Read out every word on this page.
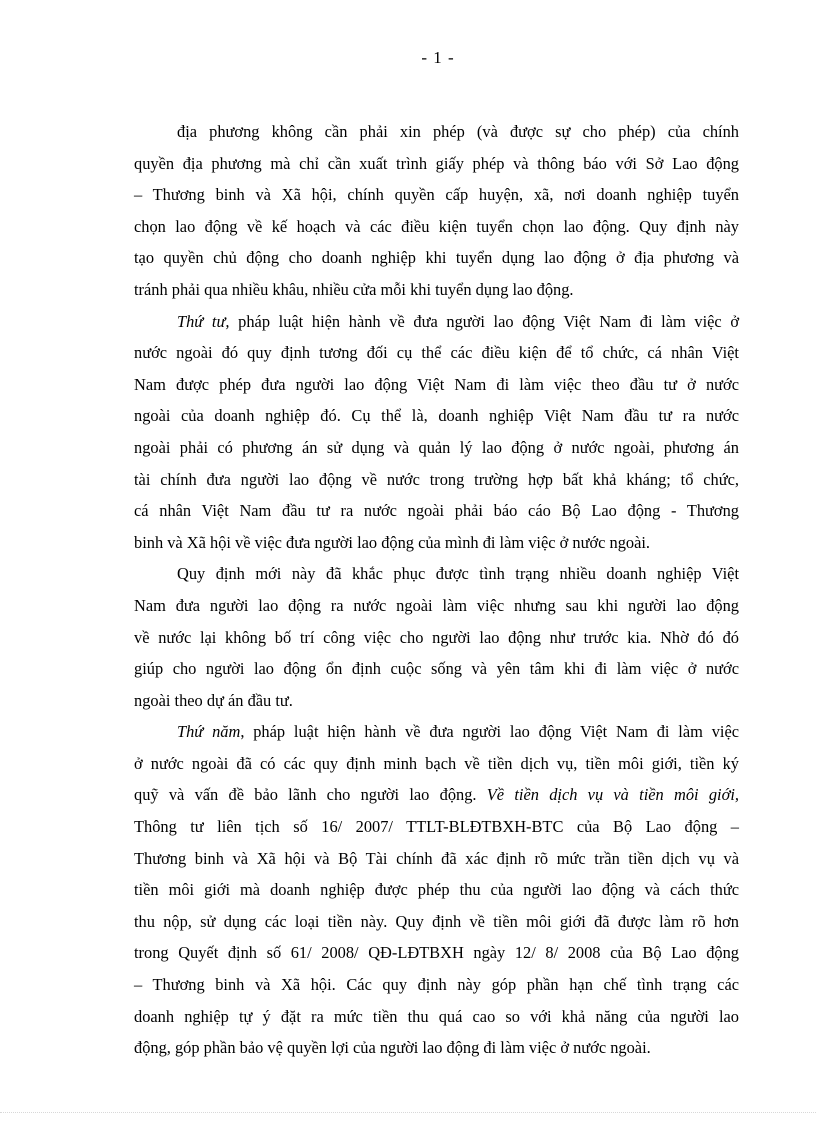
- 1 -
địa phương không cần phải xin phép (và được sự cho phép) của chính
quyền địa phương mà chỉ cần xuất trình giấy phép và thông báo với Sở Lao động
– Thương binh và Xã hội, chính quyền cấp huyện, xã, nơi doanh nghiệp tuyển
chọn lao động về kế hoạch và các điều kiện tuyển chọn lao động. Quy định này
tạo quyền chủ động cho doanh nghiệp khi tuyển dụng lao động ở địa phương và
tránh phải qua nhiều khâu, nhiều cửa mỗi khi tuyển dụng lao động.
Thứ tư, pháp luật hiện hành về đưa người lao động Việt Nam đi làm việc ở
nước ngoài đó quy định tương đối cụ thể các điều kiện để tổ chức, cá nhân Việt
Nam được phép đưa người lao động Việt Nam đi làm việc theo đầu tư ở nước
ngoài của doanh nghiệp đó. Cụ thể là, doanh nghiệp Việt Nam đầu tư ra nước
ngoài phải có phương án sử dụng và quản lý lao động ở nước ngoài, phương án
tài chính đưa người lao động về nước trong trường hợp bất khả kháng; tổ chức,
cá nhân Việt Nam đầu tư ra nước ngoài phải báo cáo Bộ Lao động - Thương
binh và Xã hội về việc đưa người lao động của mình đi làm việc ở nước ngoài.
Quy định mới này đã khắc phục được tình trạng nhiều doanh nghiệp Việt
Nam đưa người lao động ra nước ngoài làm việc nhưng sau khi người lao động
về nước lại không bố trí công việc cho người lao động như trước kia. Nhờ đó đó
giúp cho người lao động ổn định cuộc sống và yên tâm khi đi làm việc ở nước
ngoài theo dự án đầu tư.
Thứ năm, pháp luật hiện hành về đưa người lao động Việt Nam đi làm việc
ở nước ngoài đã có các quy định minh bạch về tiền dịch vụ, tiền môi giới, tiền ký
quỹ và vấn đề bảo lãnh cho người lao động. Về tiền dịch vụ và tiền môi giới,
Thông tư liên tịch số 16/ 2007/ TTLT-BLĐTBXH-BTC của Bộ Lao động –
Thương binh và Xã hội và Bộ Tài chính đã xác định rõ mức trần tiền dịch vụ và
tiền môi giới mà doanh nghiệp được phép thu của người lao động và cách thức
thu nộp, sử dụng các loại tiền này. Quy định về tiền môi giới đã được làm rõ hơn
trong Quyết định số 61/ 2008/ QĐ-LĐTBXH ngày 12/ 8/ 2008 của Bộ Lao động
– Thương binh và Xã hội. Các quy định này góp phần hạn chế tình trạng các
doanh nghiệp tự ý đặt ra mức tiền thu quá cao so với khả năng của người lao
động, góp phần bảo vệ quyền lợi của người lao động đi làm việc ở nước ngoài.
